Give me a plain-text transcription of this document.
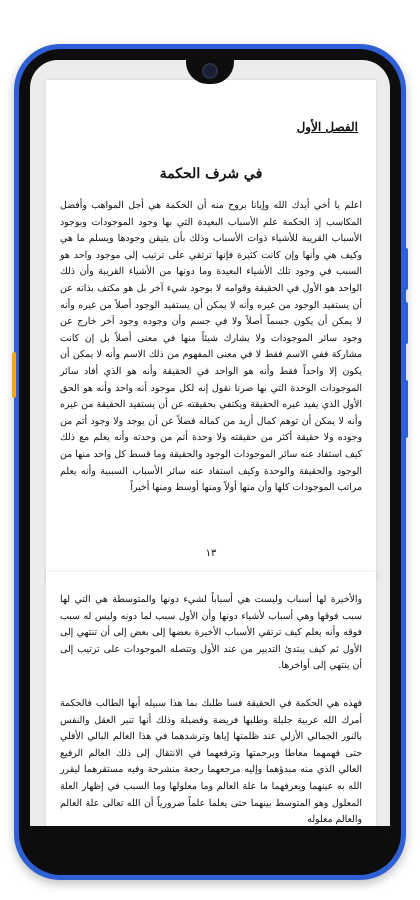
الفصل الأول
في شرف الحكمة
اعلم يا أخي أيدك الله وإيانا بروح منه أن الحكمة هي أجل المواهب وأفضل المكاسب إذ الحكمة علم الأسباب البعيدة التي بها وجود الموجودات وبوجود الأسباب القريبة للأشياء ذوات الأسباب وذلك بأن يتيقن وجودها ويسلم ما هي وكيف هي وأنها وإن كانت كثيرة فإنها ترتقي على ترتيب إلى موجود واحد هو السبب في وجود تلك الأشياء البعيدة وما دونها من الأشياء القريبة وأن ذلك الواحد هو الأول في الحقيقة وقوامه لا بوجود شيء آخر بل هو مكتف بذاته عن أن يستفيد الوجود من غيره وأنه لا يمكن أن يستفيد الوجود أصلاً من غيره وأنه لا يمكن أن يكون جسماً أصلاً ولا في جسم وأن وجوده وجود آخر خارج عن وجود سائر الموجودات ولا يشارك شيئاً منها في معنى أصلاً بل إن كانت مشاركة ففي الاسم فقط لا في معنى المفهوم من ذلك الاسم وأنه لا يمكن أن يكون إلا واحداً فقط وأنه هو الواحد في الحقيقة وأنه هو الذي أفاد سائر الموجودات الوحدة التي بها صرنا نقول إنه لكل موجود أنه واحد وأنه هو الحق الأول الذي يفيد غيره الحقيقة ويكتفي بحقيقته عن أن يستفيد الحقيقة من غيره وأنه لا يمكن أن توهم كمال أزيد من كماله فضلاً عن أن يوجد ولا وجود أتم من وجوده ولا حقيقة أكثر من حقيقته ولا وحدة أتم من وحدته وأنه يعلم مع ذلك كيف استفاد عنه سائر الموجودات الوجود والحقيقة وما قسط كل واحد منها من الوجود والحقيقة والوحدة وكيف استفاد عنه سائر الأسباب السببية وأنه يعلم مراتب الموجودات كلها وأن منها أولاً ومنها أوسط ومنها أخيراً
١٣
والأخيرة لها أسباب وليست هي أسباباً لشيء دونها والمتوسطة هي التي لها سبب فوقها وهي أسباب لأشياء دونها وأن الأول سبب لما دونه وليس له سبب فوقه وأنه يعلم كيف ترتقي الأسباب الأخيرة بعضها إلى بعض إلى أن تنتهي إلى الأول ثم كيف يبتدئ التدبير من عند الأول وتتصله الموجودات على ترتيب إلى أن ينتهي إلى أواخرها.
فهذه هي الحكمة في الحقيقة فسا طلبك بما هذا سبيله أيها الطالب فالحكمة أمرك الله عربية جليلة وطلبها فريضة وفضيلة وذلك أنها تنير العقل والنفس بالنور الجمالي الأزلي عند ظلمتها إياها وترشدهما في هذا العالم البالي الأفلي حتى فهمهما معاطا وبرحمتها وترفعهما في الانتقال إلى ذلك العالم الرفيع العالي الذي منه مبدؤهما وإليه مرجعهما رجعة منشرحة وفيه مستقرهما ليقرر الله به عينهما ويعرفهما ما علة العالم وما معلولها وما السبب في إظهار العلة المعلول وهو المتوسط بينهما حتى يعلما علماً ضرورياً أن الله تعالى علة العالم والعالم معلوله
